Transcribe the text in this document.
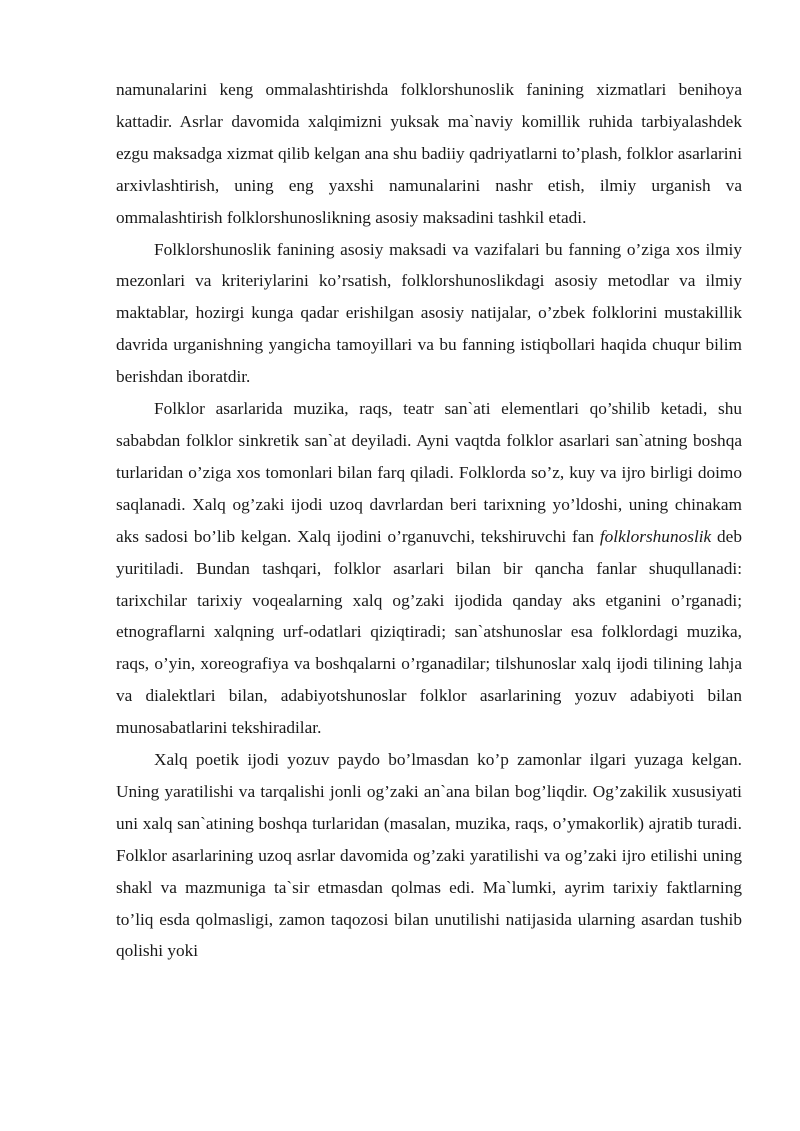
namunalarini keng ommalashtirishda folklorshunoslik fanining xizmatlari benihoya kattadir. Asrlar davomida xalqimizni yuksak ma`naviy komillik ruhida tarbiyalashdek ezgu maksadga xizmat qilib kelgan ana shu badiiy qadriyatlarni to’plash, folklor asarlarini arxivlashtirish, uning eng yaxshi namunalarini nashr etish, ilmiy urganish va ommalashtirish folklorshunoslikning asosiy maksadini tashkil etadi.

Folklorshunoslik fanining asosiy maksadi va vazifalari bu fanning o’ziga xos ilmiy mezonlari va kriteriylarini ko’rsatish, folklorshunoslikdagi asosiy metodlar va ilmiy maktablar, hozirgi kunga qadar erishilgan asosiy natijalar, o’zbek folklorini mustakillik davrida urganishning yangicha tamoyillari va bu fanning istiqbollari haqida chuqur bilim berishdan iboratdir.

Folklor asarlarida muzika, raqs, teatr san`ati elementlari qo’shilib ketadi, shu sababdan folklor sinkretik san`at deyiladi. Ayni vaqtda folklor asarlari san`atning boshqa turlaridan o’ziga xos tomonlari bilan farq qiladi. Folklorda so’z, kuy va ijro birligi doimo saqlanadi. Xalq og’zaki ijodi uzoq davrlardan beri tarixning yo’ldoshi, uning chinakam aks sadosi bo’lib kelgan. Xalq ijodini o’rganuvchi, tekshiruvchi fan folklorshunoslik deb yuritiladi. Bundan tashqari, folklor asarlari bilan bir qancha fanlar shuqullanadi: tarixchilar tarixiy voqealarning xalq og’zaki ijodida qanday aks etganini o’rganadi; etnograflarni xalqning urf-odatlari qiziqtiradi; san`atshunoslar esa folklordagi muzika, raqs, o’yin, xoreografiya va boshqalarni o’rganadilar; tilshunoslar xalq ijodi tilining lahja va dialektlari bilan, adabiyotshunoslar folklor asarlarining yozuv adabiyoti bilan munosabatlarini tekshiradilar.

Xalq poetik ijodi yozuv paydo bo’lmasdan ko’p zamonlar ilgari yuzaga kelgan. Uning yaratilishi va tarqalishi jonli og’zaki an`ana bilan bog’liqdir. Og’zakilik xususiyati uni xalq san`atining boshqa turlaridan (masalan, muzika, raqs, o’ymakorlik) ajratib turadi. Folklor asarlarining uzoq asrlar davomida og’zaki yaratilishi va og’zaki ijro etilishi uning shakl va mazmuniga ta`sir etmasdan qolmas edi. Ma`lumki, ayrim tarixiy faktlarning to’liq esda qolmasligi, zamon taqozosi bilan unutilishi natijasida ularning asardan tushib qolishi yoki
